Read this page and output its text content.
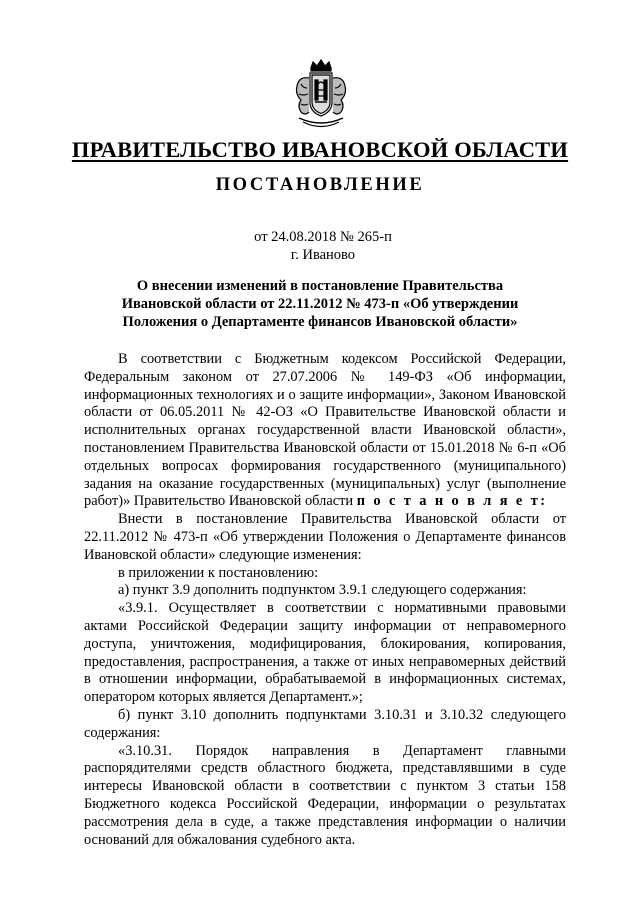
ПРАВИТЕЛЬСТВО ИВАНОВСКОЙ ОБЛАСТИ
ПОСТАНОВЛЕНИЕ
от 24.08.2018 № 265-п
г. Иваново
О внесении изменений в постановление Правительства
Ивановской области от 22.11.2012 № 473-п «Об утверждении
Положения о Департаменте финансов Ивановской области»

В соответствии с Бюджетным кодексом Российской Федерации, Федеральным законом от 27.07.2006 № 149-ФЗ «Об информации, информационных технологиях и о защите информации», Законом Ивановской области от 06.05.2011 № 42-ОЗ «О Правительстве Ивановской области и исполнительных органах государственной власти Ивановской области», постановлением Правительства Ивановской области от 15.01.2018 № 6-п «Об отдельных вопросах формирования государственного (муниципального) задания на оказание государственных (муниципальных) услуг (выполнение работ)» Правительство Ивановской области п о с т а н о в л я е т:

Внести в постановление Правительства Ивановской области от 22.11.2012 № 473-п «Об утверждении Положения о Департаменте финансов Ивановской области» следующие изменения:

в приложении к постановлению:

а) пункт 3.9 дополнить подпунктом 3.9.1 следующего содержания:

«3.9.1. Осуществляет в соответствии с нормативными правовыми актами Российской Федерации защиту информации от неправомерного доступа, уничтожения, модифицирования, блокирования, копирования, предоставления, распространения, а также от иных неправомерных действий в отношении информации, обрабатываемой в информационных системах, оператором которых является Департамент.»;

б) пункт 3.10 дополнить подпунктами 3.10.31 и 3.10.32 следующего содержания:

«3.10.31. Порядок направления в Департамент главными распорядителями средств областного бюджета, представлявшими в суде интересы Ивановской области в соответствии с пунктом 3 статьи 158 Бюджетного кодекса Российской Федерации, информации о результатах рассмотрения дела в суде, а также представления информации о наличии оснований для обжалования судебного акта.
